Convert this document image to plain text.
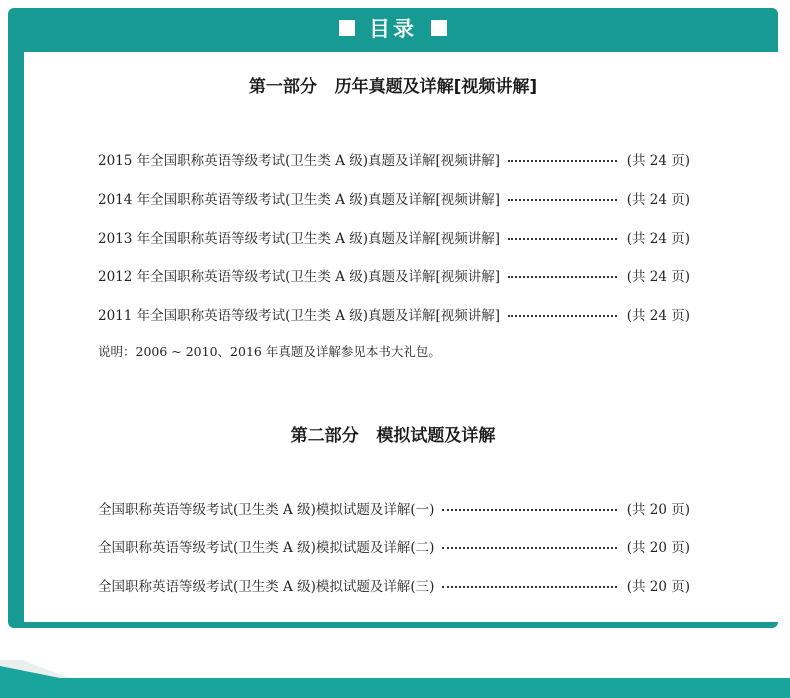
目录
第一部分   历年真题及详解[视频讲解]
2015 年全国职称英语等级考试(卫生类 A 级)真题及详解[视频讲解]	(共 24 页)
2014 年全国职称英语等级考试(卫生类 A 级)真题及详解[视频讲解]	(共 24 页)
2013 年全国职称英语等级考试(卫生类 A 级)真题及详解[视频讲解]	(共 24 页)
2012 年全国职称英语等级考试(卫生类 A 级)真题及详解[视频讲解]	(共 24 页)
2011 年全国职称英语等级考试(卫生类 A 级)真题及详解[视频讲解]	(共 24 页)
说明：2006 ~ 2010、2016 年真题及详解参见本书大礼包。
第二部分   模拟试题及详解
全国职称英语等级考试(卫生类 A 级)模拟试题及详解(一)	(共 20 页)
全国职称英语等级考试(卫生类 A 级)模拟试题及详解(二)	(共 20 页)
全国职称英语等级考试(卫生类 A 级)模拟试题及详解(三)	(共 20 页)
